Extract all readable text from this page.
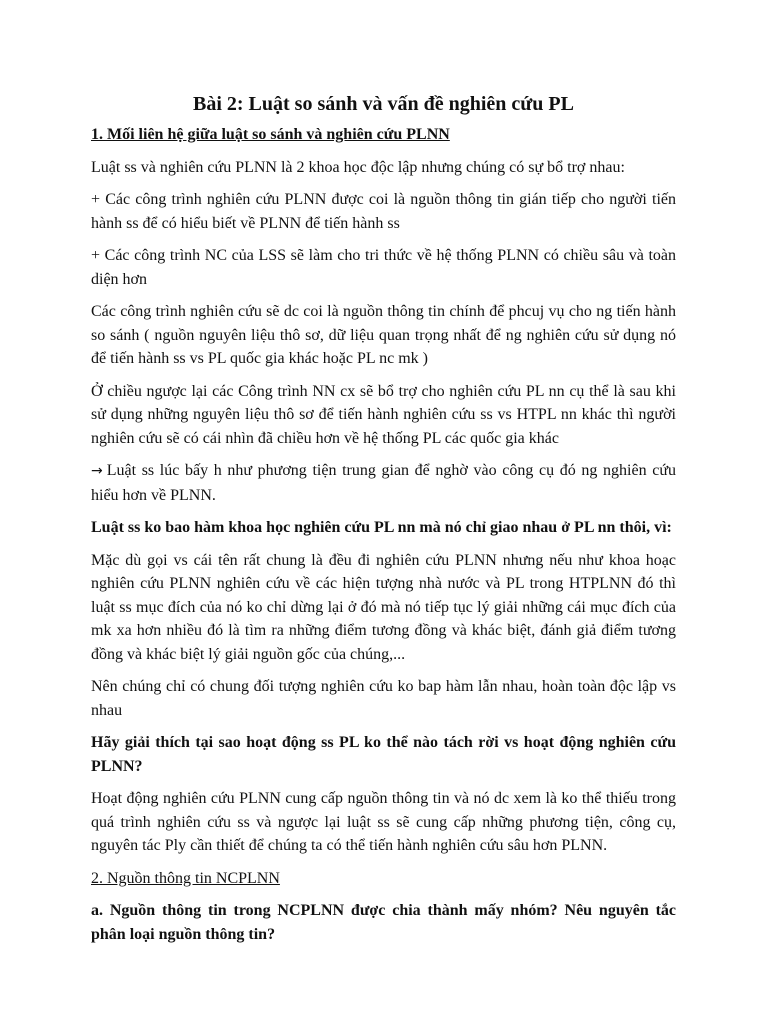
Bài 2: Luật so sánh và vấn đề nghiên cứu PL

1. Mối liên hệ giữa luật so sánh và nghiên cứu PLNN

Luật ss và nghiên cứu PLNN là 2 khoa học độc lập nhưng chúng có sự bổ trợ nhau:

+ Các công trình nghiên cứu PLNN được coi là nguồn thông tin gián tiếp cho người tiến hành ss để có hiểu biết về PLNN để tiến hành ss

+ Các công trình NC của LSS sẽ làm cho tri thức về hệ thống PLNN có chiều sâu và toàn diện hơn

Các công trình nghiên cứu sẽ dc coi là nguồn thông tin chính để phcuj vụ cho ng tiến hành so sánh ( nguồn nguyên liệu thô sơ, dữ liệu quan trọng nhất để ng nghiên cứu sử dụng nó để tiến hành ss vs PL quốc gia khác hoặc PL nc mk )

Ở chiều ngược lại các Công trình NN cx sẽ bổ trợ cho nghiên cứu PL nn cụ thể là sau khi sử dụng những nguyên liệu thô sơ để tiến hành nghiên cứu ss vs HTPL nn khác thì người nghiên cứu sẽ có cái nhìn đã chiều hơn về hệ thống PL các quốc gia khác

→ Luật ss lúc bấy h như phương tiện trung gian để nghờ vào công cụ đó ng nghiên cứu hiểu hơn về PLNN.

Luật ss ko bao hàm khoa học nghiên cứu PL nn mà nó chỉ giao nhau ở PL nn thôi, vì:

Mặc dù gọi vs cái tên rất chung là đều đi nghiên cứu PLNN nhưng nếu như khoa hoạc nghiên cứu PLNN nghiên cứu về các hiện tượng nhà nước và PL trong HTPLNN đó thì luật ss mục đích của nó ko chỉ dừng lại ở đó mà nó tiếp tục lý giải những cái mục đích của mk xa hơn nhiều đó là tìm ra những điểm tương đồng và khác biệt, đánh giả điểm tương đồng và khác biệt lý giải nguồn gốc của chúng,...

Nên chúng chỉ có chung đối tượng nghiên cứu ko bap hàm lẫn nhau, hoàn toàn độc lập vs nhau

Hãy giải thích tại sao hoạt động ss PL ko thể nào tách rời vs hoạt động nghiên cứu PLNN?

Hoạt động nghiên cứu PLNN cung cấp nguồn thông tin và nó dc xem là ko thể thiếu trong quá trình nghiên cứu ss và ngược lại luật ss sẽ cung cấp những phương tiện, công cụ, nguyên tác Ply cần thiết để chúng ta có thể tiến hành nghiên cứu sâu hơn PLNN.

2. Nguồn thông tin NCPLNN

a. Nguồn thông tin trong NCPLNN được chia thành mấy nhóm? Nêu nguyên tắc phân loại nguồn thông tin?
